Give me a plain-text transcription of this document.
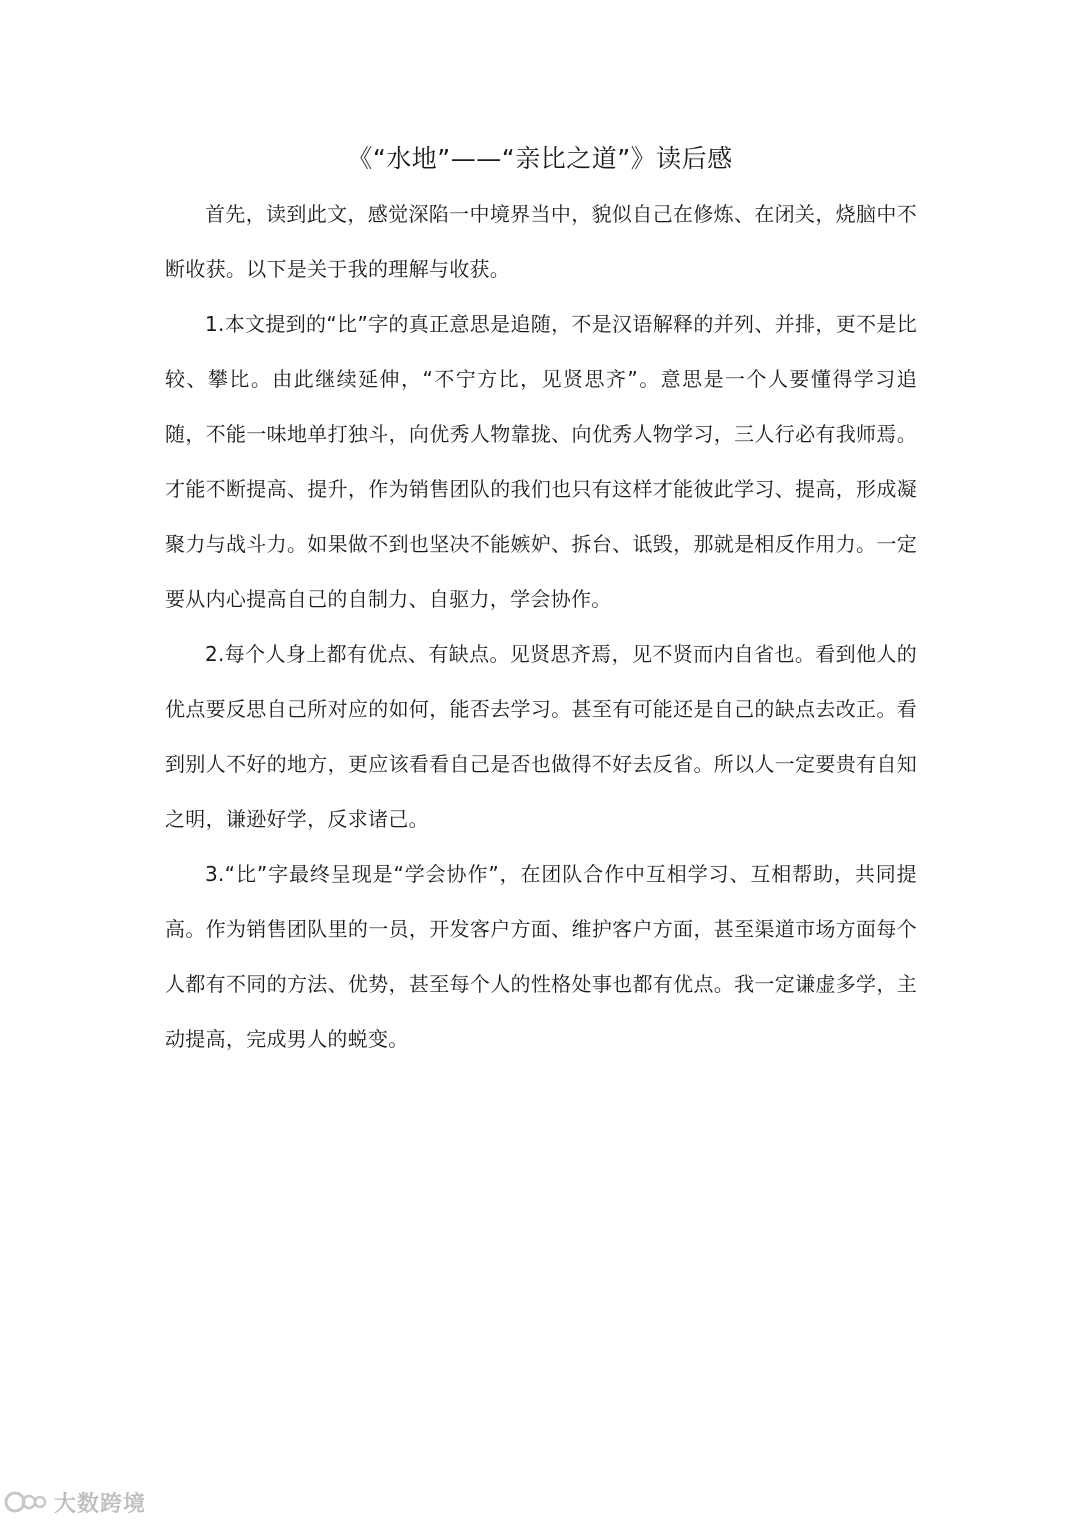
《“水地”——“亲比之道”》读后感

首先，读到此文，感觉深陷一中境界当中，貌似自己在修炼、在闭关，烧脑中不断收获。以下是关于我的理解与收获。

1.本文提到的“比”字的真正意思是追随，不是汉语解释的并列、并排，更不是比较、攀比。由此继续延伸，“不宁方比，见贤思齐”。意思是一个人要懂得学习追随，不能一味地单打独斗，向优秀人物靠拢、向优秀人物学习，三人行必有我师焉。才能不断提高、提升，作为销售团队的我们也只有这样才能彼此学习、提高，形成凝聚力与战斗力。如果做不到也坚决不能嫉妒、拆台、诋毁，那就是相反作用力。一定要从内心提高自己的自制力、自驱力，学会协作。

2.每个人身上都有优点、有缺点。见贤思齐焉，见不贤而内自省也。看到他人的优点要反思自己所对应的如何，能否去学习。甚至有可能还是自己的缺点去改正。看到别人不好的地方，更应该看看自己是否也做得不好去反省。所以人一定要贵有自知之明，谦逊好学，反求诸己。

3.“比”字最终呈现是“学会协作”，在团队合作中互相学习、互相帮助，共同提高。作为销售团队里的一员，开发客户方面、维护客户方面，甚至渠道市场方面每个人都有不同的方法、优势，甚至每个人的性格处事也都有优点。我一定谦虚多学，主动提高，完成男人的蜕变。

大数跨境
